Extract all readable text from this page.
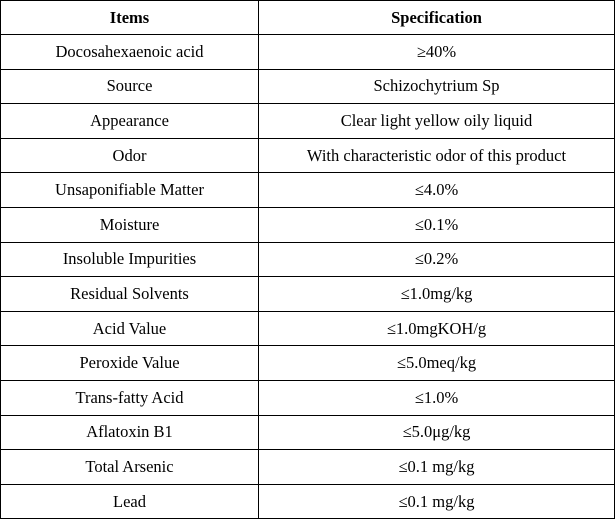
Items	Specification
Docosahexaenoic acid	≥40%
Source	Schizochytrium Sp
Appearance	Clear light yellow oily liquid
Odor	With characteristic odor of this product
Unsaponifiable Matter	≤4.0%
Moisture	≤0.1%
Insoluble Impurities	≤0.2%
Residual Solvents	≤1.0mg/kg
Acid Value	≤1.0mgKOH/g
Peroxide Value	≤5.0meq/kg
Trans-fatty Acid	≤1.0%
Aflatoxin B1	≤5.0μg/kg
Total Arsenic	≤0.1 mg/kg
Lead	≤0.1 mg/kg
